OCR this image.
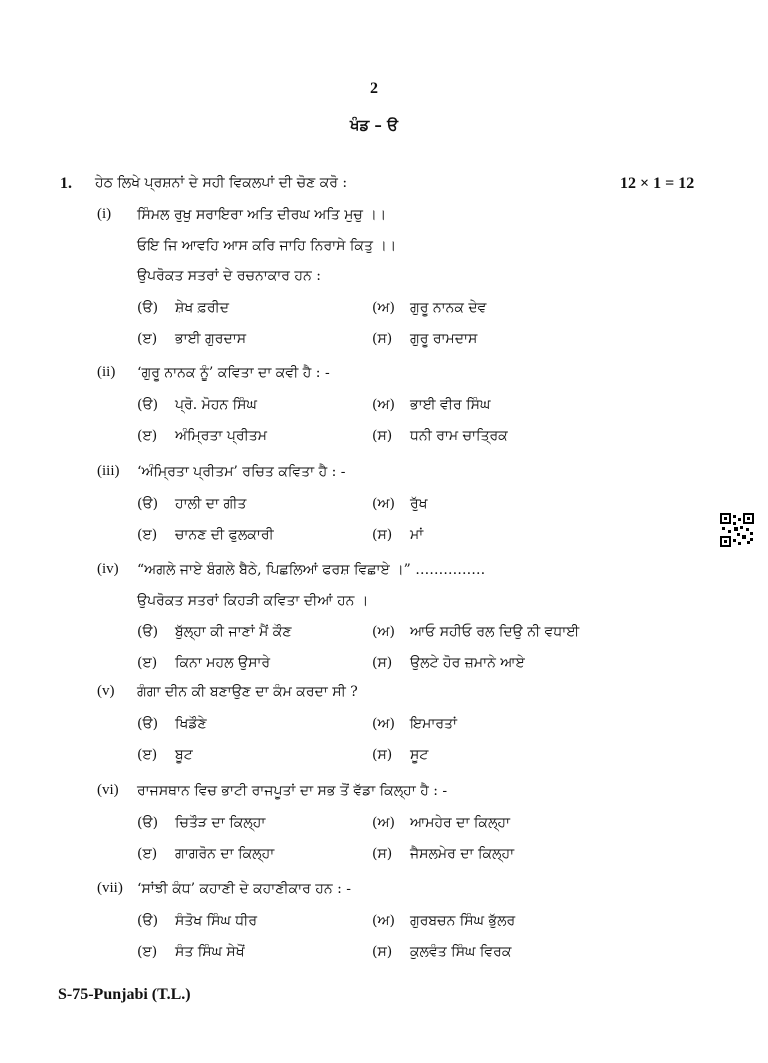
2
ਖੰਡ – ੳ
1. ਹੇਠ ਲਿਖੇ ਪ੍ਰਸ਼ਨਾਂ ਦੇ ਸਹੀ ਵਿਕਲਪਾਂ ਦੀ ਚੋਣ ਕਰੋ :	12 × 1 = 12
(i) ਸਿੰਮਲ ਰੁਖੁ ਸਰਾਇਰਾ ਅਤਿ ਦੀਰਘ ਅਤਿ ਮੁਚੁ ।।
ਓਇ ਜਿ ਆਵਹਿ ਆਸ ਕਰਿ ਜਾਹਿ ਨਿਰਾਸੇ ਕਿਤੁ ।।
ਉਪਰੋਕਤ ਸਤਰਾਂ ਦੇ ਰਚਨਾਕਾਰ ਹਨ :
(ੳ) ਸ਼ੇਖ ਫ਼ਰੀਦ	(ਅ) ਗੁਰੂ ਨਾਨਕ ਦੇਵ
(ੲ) ਭਾਈ ਗੁਰਦਾਸ	(ਸ) ਗੁਰੂ ਰਾਮਦਾਸ
(ii) ‘ਗੁਰੂ ਨਾਨਕ ਨੂੰ’ ਕਵਿਤਾ ਦਾ ਕਵੀ ਹੈ : -
(ੳ) ਪ੍ਰੋ. ਮੋਹਨ ਸਿੰਘ	(ਅ) ਭਾਈ ਵੀਰ ਸਿੰਘ
(ੲ) ਅੰਮ੍ਰਿਤਾ ਪ੍ਰੀਤਮ	(ਸ) ਧਨੀ ਰਾਮ ਚਾਤ੍ਰਿਕ
(iii) ‘ਅੰਮ੍ਰਿਤਾ ਪ੍ਰੀਤਮ’ ਰਚਿਤ ਕਵਿਤਾ ਹੈ : -
(ੳ) ਹਾਲੀ ਦਾ ਗੀਤ	(ਅ) ਰੁੱਖ
(ੲ) ਚਾਨਣ ਦੀ ਫੁਲਕਾਰੀ	(ਸ) ਮਾਂ
(iv) “ਅਗਲੇ ਜਾਏ ਬੰਗਲੇ ਬੈਠੇ, ਪਿਛਲਿਆਂ ਫਰਸ਼ ਵਿਛਾਏ ।” ……………
ਉਪਰੋਕਤ ਸਤਰਾਂ ਕਿਹੜੀ ਕਵਿਤਾ ਦੀਆਂ ਹਨ ।
(ੳ) ਬੁੱਲ੍ਹਾ ਕੀ ਜਾਣਾਂ ਮੈਂ ਕੌਣ	(ਅ) ਆਓ ਸਹੀਓ ਰਲ ਦਿਉ ਨੀ ਵਧਾਈ
(ੲ) ਕਿਨਾ ਮਹਲ ਉਸਾਰੇ	(ਸ) ਉਲਟੇ ਹੋਰ ਜ਼ਮਾਨੇ ਆਏ
(v) ਗੰਗਾ ਦੀਨ ਕੀ ਬਣਾਉਣ ਦਾ ਕੰਮ ਕਰਦਾ ਸੀ ?
(ੳ) ਖਿਡੌਣੇ	(ਅ) ਇਮਾਰਤਾਂ
(ੲ) ਬੂਟ	(ਸ) ਸੂਟ
(vi) ਰਾਜਸਥਾਨ ਵਿਚ ਭਾਟੀ ਰਾਜਪੂਤਾਂ ਦਾ ਸਭ ਤੋਂ ਵੱਡਾ ਕਿਲ੍ਹਾ ਹੈ : -
(ੳ) ਚਿਤੌੜ ਦਾ ਕਿਲ੍ਹਾ	(ਅ) ਆਮਹੇਰ ਦਾ ਕਿਲ੍ਹਾ
(ੲ) ਗਾਗਰੋਨ ਦਾ ਕਿਲ੍ਹਾ	(ਸ) ਜੈਸਲਮੇਰ ਦਾ ਕਿਲ੍ਹਾ
(vii) ‘ਸਾਂਝੀ ਕੰਧ’ ਕਹਾਣੀ ਦੇ ਕਹਾਣੀਕਾਰ ਹਨ : -
(ੳ) ਸੰਤੋਖ ਸਿੰਘ ਧੀਰ	(ਅ) ਗੁਰਬਚਨ ਸਿੰਘ ਭੁੱਲਰ
(ੲ) ਸੰਤ ਸਿੰਘ ਸੇਖੋਂ	(ਸ) ਕੁਲਵੰਤ ਸਿੰਘ ਵਿਰਕ
S-75-Punjabi (T.L.)
